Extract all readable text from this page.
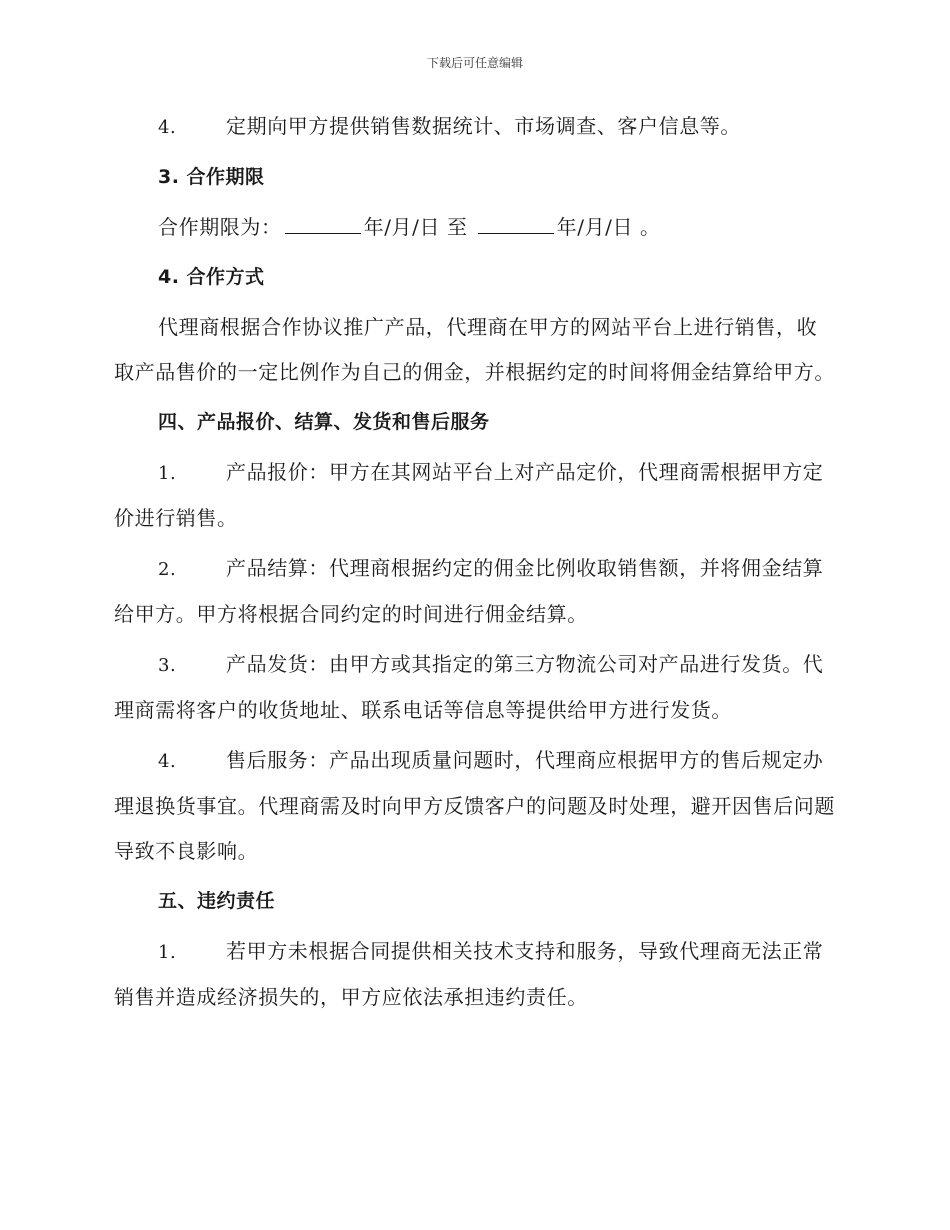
下载后可任意编辑

4. 定期向甲方提供销售数据统计、市场调查、客户信息等。

3. 合作期限

合作期限为：	年/月/日 至	年/月/日 。

4. 合作方式

代理商根据合作协议推广产品，代理商在甲方的网站平台上进行销售，收取产品售价的一定比例作为自己的佣金，并根据约定的时间将佣金结算给甲方。

四、产品报价、结算、发货和售后服务

1. 产品报价：甲方在其网站平台上对产品定价，代理商需根据甲方定价进行销售。

2. 产品结算：代理商根据约定的佣金比例收取销售额，并将佣金结算给甲方。甲方将根据合同约定的时间进行佣金结算。

3. 产品发货：由甲方或其指定的第三方物流公司对产品进行发货。代理商需将客户的收货地址、联系电话等信息等提供给甲方进行发货。

4. 售后服务：产品出现质量问题时，代理商应根据甲方的售后规定办理退换货事宜。代理商需及时向甲方反馈客户的问题及时处理，避开因售后问题导致不良影响。

五、违约责任

1. 若甲方未根据合同提供相关技术支持和服务，导致代理商无法正常销售并造成经济损失的，甲方应依法承担违约责任。
